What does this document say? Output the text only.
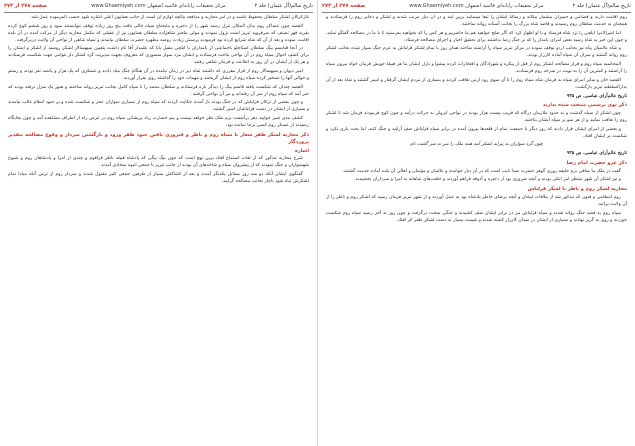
تاریخ سالم(آل عثمان) جلد ۲
مرکز تحقیقات رایانه‌ای قائمیه اصفهان www.Ghaemiyeh.com
صفحه ۲۷۸ از ۲۷۴

غازکرگان لشکر سلطان محفوظ باشند و در امر محاربه و مدافعه بنائچه لوازم آن است از جانب همایون اعلی اشاره شود حسب المرموده عمل شد.

القصه چون عساکر روم بدان المکان تنزل رسید شهر را از ذخیره و مایحتاج سپاه خالی یافت پنج روز زیاده توقف نتوانستند نمود و روز ششم کوچ کرده بقریه قهر نصنف که سرفروید تبریز است نزول نمودند و مولی ملحتر شاهزاده سلطان همایون نیز از عقیلی که مکمل محاربه دیگر از مرکب آمده در آن بلده اقامت نموده و بعد از آن که شاه شرایع کرده بود فرمودند پرسش زیادت روضه مطهره حضرت سلطان بیامدند و سپاه شاهی از نواحی آن ولایت دربرگرفت.

در آنجا قنابسم بیگ سلطان استاجلو باجماعتی از نامداران با ایلچی مقبل بابا که علمدار آقا نام داشت بتعیین سپهسالار لشکر روسیه از لشکر و ایشان را برای کشف احوال سپاه روم در آن نواحی بتاخت فرستادند و ایشان بنزد سوار منصوری که معروف بجهت مدیریت گرد لشکر دار غوامی جهت شکست فرستادند و هر یک از ایشان در آن روز به اطاعت و فرمان شاهی رفتند.

امیر دیوان و سپهسالار روم از قرار مقرری که داشتند شاه دیر در زمان نیامده در آن هنگام جنگ بنیاد دادند و عسکری که یک هزار و پانصد نفر بودند و رستم و حوالی آنها را تسخیر کرده سپاه روم از ایشان گریختند و مهمات خود را گذاشته روی بفرار آوردند.

القصه چندان که شکست یافته قاسم بیگ را دیدگر باره فرستادند و سلطان محمد را با سپاه کامل بجانب تبریز روانه ساختند و هنوز یک منزل نرفته بودند که خبر آمد که سپاه روم از سر آن رفته‌اند و نیز آن نواحی گرفتند.

و چون بعضی از ترکان قزلباش که در جنگ بودند باز آمدند حکایت کردند که سپاه روم از بسیاری سواران عجز و شکست شده و بر جنود اسلام غالب نیامدند و بسیاری از ایشان در دست قزلباشان اسیر گشتند.

کشف بندی شیر خوابید دهر برآشفت بزم ملک نظر خواهد نیست و بیم خسارت زیاد پریشانی سپاه روم در عرض راه از اطراف مشاهده آمد و چون بجایگاه رسیدند از عسکر روم کسی برجا نمانده بود.

ذکر محاربه لشکر ظفر شعار با سپاه روم و ناظر و فیروزی یافتن جنود ظفر ورود و بازگشتن سردار و وقوع مصالحه بتقدیر پروردگار

اشاره

شرح محاربه مذکور که از ثقات استماع افتاد برین نهج است که چون بیگ بیگی که پادشاه قبیله ناظر فراقوم و چندی از امرا و پادشاهان روم و شیوخ شهسواران و جنگ نمودند که از پیشروان سپاه و شاخه‌های آن بودند از جانب تبریز با جمعی انبوه بمحاذی آمدند.

گفتگوی ایشان آنکه دو سه روز بمقابل یکدیگر آمدند و بعد از کشاکش بسیار از طرفین جمعی کثیر مقتول شدند و سردار روم از ترس آنکه مبادا تمام لشکرش تباه شود ناچار بجانب مصالحه گرایید.

تاریخ سالم(آل عثمان) جلد ۲
مرکز تحقیقات رایانه‌ای قائمیه اصفهان www.Ghaemiyeh.com
صفحه ۲۷۷ از ۲۷۴

روم اقامت دارند و قضاعی و خمیران بیشمار بیگانه و رسالۀ ایشان را تبعاً مینمایند برین آمد و در آن دیار مرتب شدند و لشکر و ذخایر روم را فرستادند و همچنان به خدمت سلطان روم رسیدند و قاصد شاه بزرگ را بجانب آستانه روانه ساختند.

اما امیرالامرا ایلچی را نزد شاه فرستاد و با او اظهار کرد که اگر صلح خواهید هم ما حاضریم و هر کس را که بخواهید بفرستید تا با ما در مصالحه گفتگو نماید، و چون این خبر به شاه رسید بعض امرای نامدار را که بر جنگ رضا نداشتند برای تحقیق اخبار و اجرای مصالحه فرستاد.

و شاه عالمیان پناه نیز بجانب اردو توقف نموده در مرکز تبریز سپاه را آراسته ساخته همان روز با تمام لشکر قزلباش به عزم جنگ سوار شده بجانب لشکر روم روانه گشتند و سران آن سپاه آماده کارزار بودند.

المحاسبه سپاه روم و قرار مصالحه لشکر روم از قبل از پیکره و شهزادگان و افتخارات کرده پیشوا و نازل ایشان بنا هر قبیلۀ خویش فرمان خواه بیرون سپاه را آراستند و کمترین آن را به نوبت در سرحد روم فرستادند.

القصه خان و سایر امرای سپاه به فرمان شاه سپاه روم را تا آن سوی رود ارس تعاقب کردند و بسیاری از مردم ایشان گرفتار و اسیر گشتند و شاه بعد از آن بدارالسلطنه تبریز بازگشت.

تاریخ عالم‌آرای عباسی، ص ۹۳۵

ذکر توی ترسمی منتخب شده ندارند

چون لشکر از سپاه گذشت و به حدود ملازمان درگاه که قریب بیست هزار بودند در نواحی ایروان به حرکت درآمد و چون کوچ فرمودند فرمان شد تا لشکر روم را تعاقب نمایند و از هر سو بر سپاه ایشان بتاختند.

و بعضی از امرای ایشان قرار دادند که روز دیگر با جمعیت تمام از قلعه‌ها بیرون آمده در برابر سپاه قزلباش صف آرایند و جنگ کنند، اما بخت یاری نکرد و شکست بر ایشان افتاد.

چون گرد سواران به پیرایه لشکر آمد همه ملک را سر به سر گشت نام

تاریخ عالم‌آرای عباسی، ص ۹۳۵

ذکر غزو حضرت امام رضا

گفت در ملک ما ساقی بزم خلیفه روزی گوهر حضرت صدا نایب است که در آن دیار خواندند و عالمان و مؤمنان و اهالی آن بلده آماده خدمت گشتند.

و نیز لشکر آن شهر منتظر امر اعلی بودند و آنچه ضروری بود از ذخیره و آذوقه فراهم آوردند و خلعت‌های شاهانه به امرا و سرداران بخشیدند.

محاربه لشکر روم و ناظر با لشکر قزلباش

روم انتظامی و فنون که مذکور شد از ملاقات ایشان و آنچه برضای خاطر پادشاه بود به عمل آوردند و از شهر تبریز فرمان رسید که لشکر روم و ناظر را از آن ولایت برانند.

سپاه روم به قصد جنگ روانه شدند و سپاه قزلباش نیز در برابر ایشان صف کشیدند و جنگی سخت درگرفت و چون روز به آخر رسید سپاه روم شکست خوردند و روی به گریز نهادند و بسیاری از ایشان در میدان کارزار کشته شدند و غنیمت بسیار به دست لشکر ظفر اثر افتاد.
